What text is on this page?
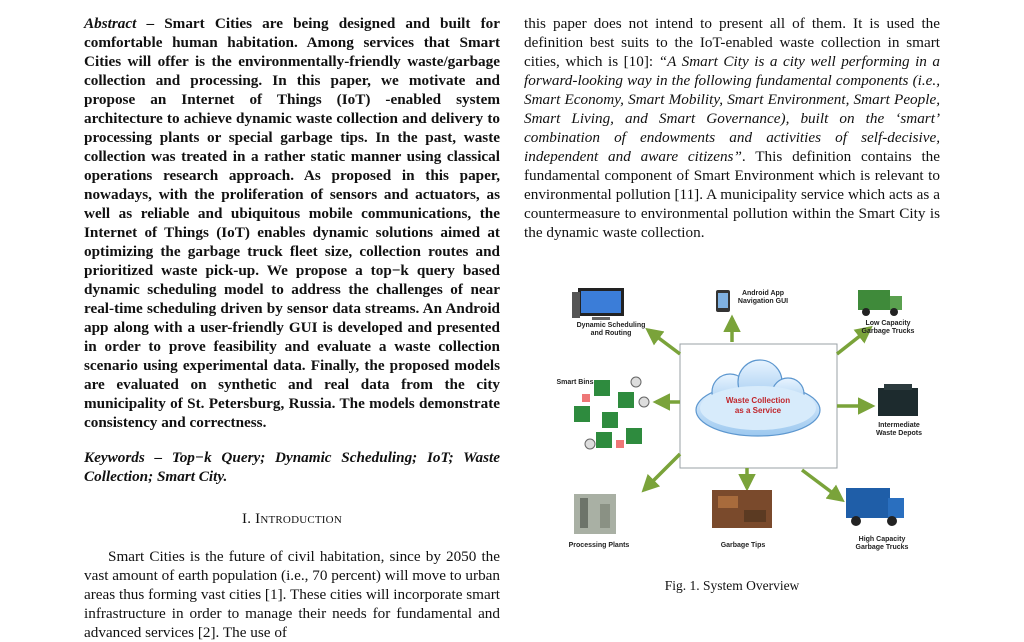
Abstract – Smart Cities are being designed and built for comfortable human habitation. Among services that Smart Cities will offer is the environmentally-friendly waste/garbage collection and processing. In this paper, we motivate and propose an Internet of Things (IoT) -enabled system architecture to achieve dynamic waste collection and delivery to processing plants or special garbage tips. In the past, waste collection was treated in a rather static manner using classical operations research approach. As proposed in this paper, nowadays, with the proliferation of sensors and actuators, as well as reliable and ubiquitous mobile communications, the Internet of Things (IoT) enables dynamic solutions aimed at optimizing the garbage truck fleet size, collection routes and prioritized waste pick-up. We propose a top−k query based dynamic scheduling model to address the challenges of near real-time scheduling driven by sensor data streams. An Android app along with a user-friendly GUI is developed and presented in order to prove feasibility and evaluate a waste collection scenario using experimental data. Finally, the proposed models are evaluated on synthetic and real data from the city municipality of St. Petersburg, Russia. The models demonstrate consistency and correctness.
Keywords – Top−k Query; Dynamic Scheduling; IoT; Waste Collection; Smart City.
I. Introduction
Smart Cities is the future of civil habitation, since by 2050 the vast amount of earth population (i.e., 70 percent) will move to urban areas thus forming vast cities [1]. These cities will incorporate smart infrastructure in order to manage their needs for fundamental and advanced services [2]. The use of
this paper does not intend to present all of them. It is used the definition best suits to the IoT-enabled waste collection in smart cities, which is [10]: “A Smart City is a city well performing in a forward-looking way in the following fundamental components (i.e., Smart Economy, Smart Mobility, Smart Environment, Smart People, Smart Living, and Smart Governance), built on the ‘smart’ combination of endowments and activities of self-decisive, independent and aware citizens”. This definition contains the fundamental component of Smart Environment which is relevant to environmental pollution [11]. A municipality service which acts as a countermeasure to environmental pollution within the Smart City is the dynamic waste collection.
Waste Collection
as a Service
Dynamic Scheduling
and Routing
Android App
Navigation GUI
Low Capacity
Garbage Trucks
Smart Bins
Intermediate
Waste Depots
Processing Plants	Garbage Tips
High Capacity
Garbage Trucks
Fig. 1. System Overview
